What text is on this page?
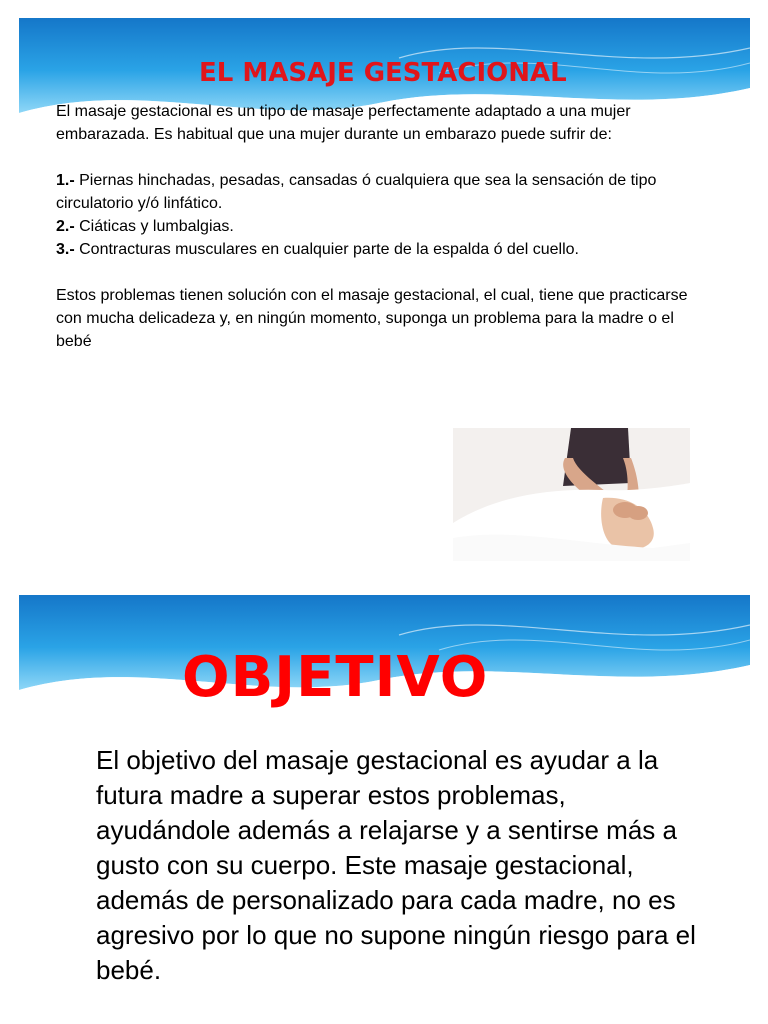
EL MASAJE GESTACIONAL

El masaje gestacional es un tipo de masaje perfectamente adaptado a una mujer embarazada. Es habitual que una mujer durante un embarazo puede sufrir de:

1.- Piernas hinchadas, pesadas, cansadas ó cualquiera que sea la sensación de tipo circulatorio y/ó linfático.

2.- Ciáticas y lumbalgias.

3.- Contracturas musculares en cualquier parte de la espalda ó del cuello.

Estos problemas tienen solución con el masaje gestacional, el cual, tiene que practicarse con mucha delicadeza y, en ningún momento, suponga un problema para la madre o el bebé

OBJETIVO

El objetivo del masaje gestacional es ayudar a la futura madre a superar estos problemas, ayudándole además a relajarse y a sentirse más a gusto con su cuerpo. Este masaje gestacional, además de personalizado para cada madre, no es agresivo por lo que no supone ningún riesgo para el bebé.
